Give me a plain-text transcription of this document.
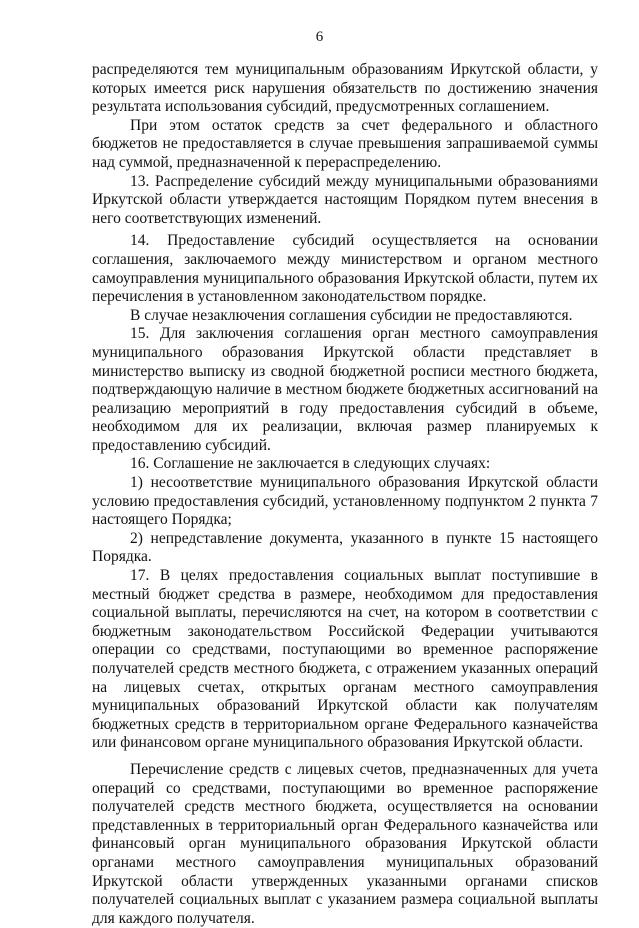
6

распределяются тем муниципальным образованиям Иркутской области, у которых имеется риск нарушения обязательств по достижению значения результата использования субсидий, предусмотренных соглашением.

При этом остаток средств за счет федерального и областного бюджетов не предоставляется в случае превышения запрашиваемой суммы над суммой, предназначенной к перераспределению.

13. Распределение субсидий между муниципальными образованиями Иркутской области утверждается настоящим Порядком путем внесения в него соответствующих изменений.

14. Предоставление субсидий осуществляется на основании соглашения, заключаемого между министерством и органом местного самоуправления муниципального образования Иркутской области, путем их перечисления в установленном законодательством порядке.

В случае незаключения соглашения субсидии не предоставляются.

15. Для заключения соглашения орган местного самоуправления муниципального образования Иркутской области представляет в министерство выписку из сводной бюджетной росписи местного бюджета, подтверждающую наличие в местном бюджете бюджетных ассигнований на реализацию мероприятий в году предоставления субсидий в объеме, необходимом для их реализации, включая размер планируемых к предоставлению субсидий.

16. Соглашение не заключается в следующих случаях:

1) несоответствие муниципального образования Иркутской области условию предоставления субсидий, установленному подпунктом 2 пункта 7 настоящего Порядка;

2) непредставление документа, указанного в пункте 15 настоящего Порядка.

17. В целях предоставления социальных выплат поступившие в местный бюджет средства в размере, необходимом для предоставления социальной выплаты, перечисляются на счет, на котором в соответствии с бюджетным законодательством Российской Федерации учитываются операции со средствами, поступающими во временное распоряжение получателей средств местного бюджета, с отражением указанных операций на лицевых счетах, открытых органам местного самоуправления муниципальных образований Иркутской области как получателям бюджетных средств в территориальном органе Федерального казначейства или финансовом органе муниципального образования Иркутской области.

Перечисление средств с лицевых счетов, предназначенных для учета операций со средствами, поступающими во временное распоряжение получателей средств местного бюджета, осуществляется на основании представленных в территориальный орган Федерального казначейства или финансовый орган муниципального образования Иркутской области органами местного самоуправления муниципальных образований Иркутской области утвержденных указанными органами списков получателей социальных выплат с указанием размера социальной выплаты для каждого получателя.
